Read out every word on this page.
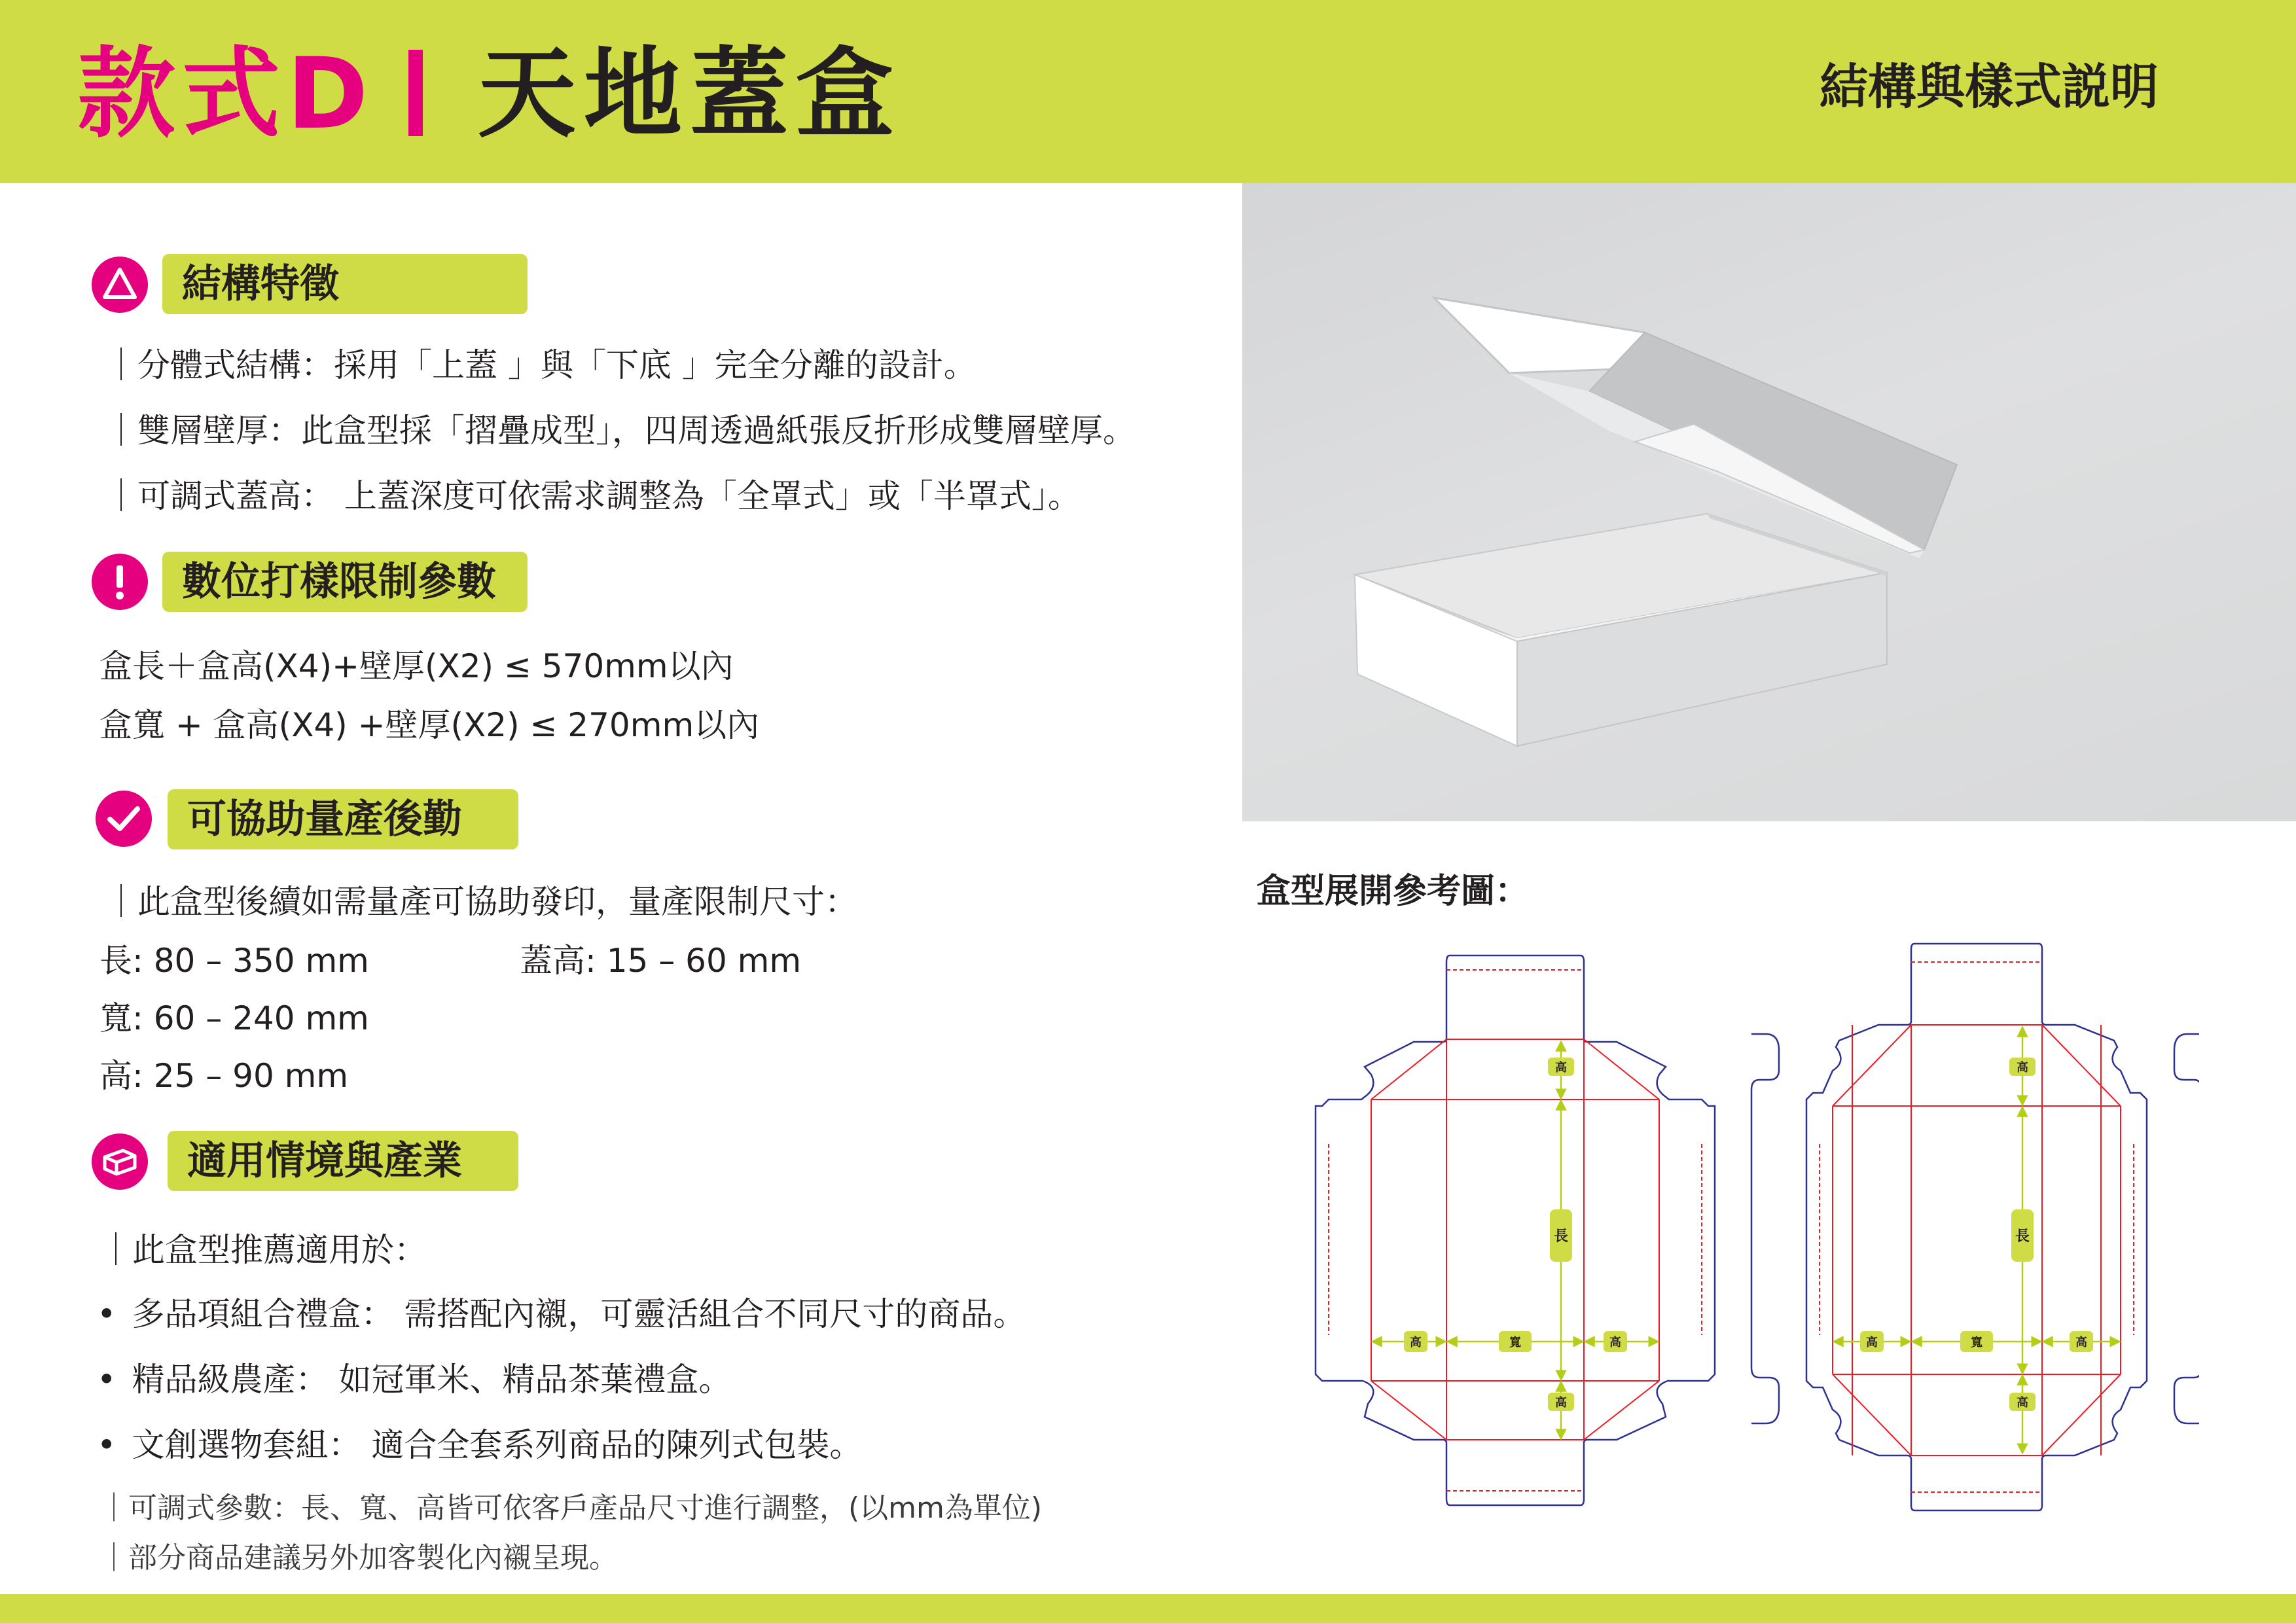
款式D 天地蓋盒	結構與樣式説明
結構特徵
｜分體式結構：採用「上蓋 」與「下底 」完全分離的設計。
｜雙層壁厚：此盒型採「摺疊成型」，四周透過紙張反折形成雙層壁厚。
｜可調式蓋高： 上蓋深度可依需求調整為「全罩式」或「半罩式」。
數位打樣限制參數
盒長＋盒高(X4)+壁厚(X2) ≤ 570mm以內
盒寬 + 盒高(X4) +壁厚(X2) ≤ 270mm以內
可協助量產後勤
｜此盒型後續如需量產可協助發印，量產限制尺寸：
長: 80 – 350 mm	蓋高: 15 – 60 mm
寬: 60 – 240 mm
高: 25 – 90 mm
適用情境與產業
｜此盒型推薦適用於：
• 多品項組合禮盒： 需搭配內襯，可靈活組合不同尺寸的商品。
• 精品級農產： 如冠軍米、精品茶葉禮盒。
• 文創選物套組： 適合全套系列商品的陳列式包裝。
｜可調式參數：長、寬、高皆可依客戶產品尺寸進行調整，(以mm為單位)
｜部分商品建議另外加客製化內襯呈現。
盒型展開參考圖：
高
長
高
高	寬	高
高
長
高
高	寬	高
